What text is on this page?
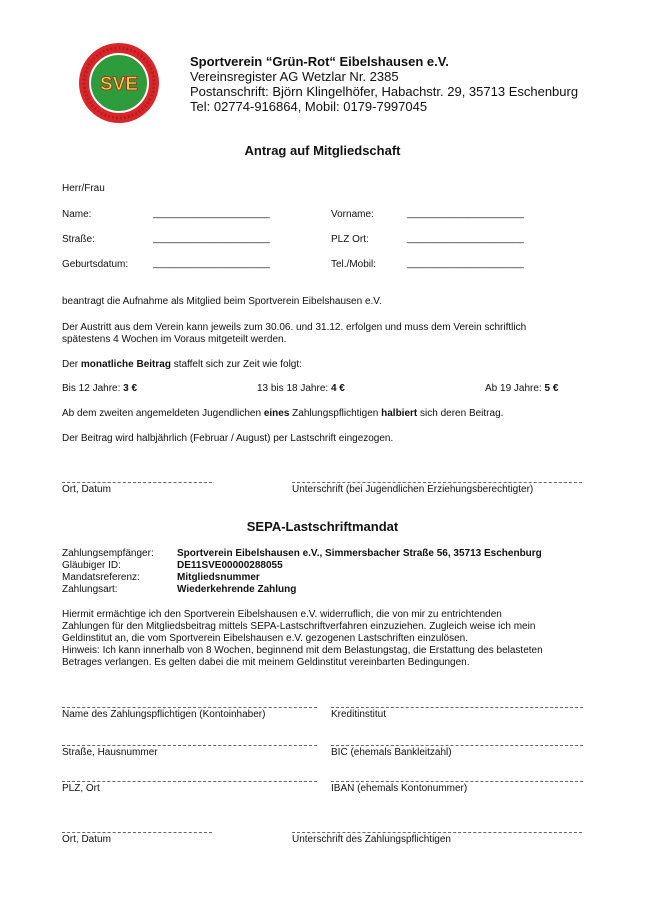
SVE
Sportverein “Grün-Rot“ Eibelshausen e.V.
Vereinsregister AG Wetzlar Nr. 2385
Postanschrift: Björn Klingelhöfer, Habachstr. 29, 35713 Eschenburg
Tel: 02774-916864, Mobil: 0179-7997045
Antrag auf Mitgliedschaft
Herr/Frau
Name:	_____________________	Vorname:	_____________________
Straße:	_____________________	PLZ Ort:	_____________________
Geburtsdatum: _____________________	Tel./Mobil:	_____________________
beantragt die Aufnahme als Mitglied beim Sportverein Eibelshausen e.V.
Der Austritt aus dem Verein kann jeweils zum 30.06. und 31.12. erfolgen und muss dem Verein schriftlich
spätestens 4 Wochen im Voraus mitgeteilt werden.
Der monatliche Beitrag staffelt sich zur Zeit wie folgt:
Bis 12 Jahre: 3 €	13 bis 18 Jahre: 4 €	Ab 19 Jahre: 5 €
Ab dem zweiten angemeldeten Jugendlichen eines Zahlungspflichtigen halbiert sich deren Beitrag.
Der Beitrag wird halbjährlich (Februar / August) per Lastschrift eingezogen.
Ort, Datum	Unterschrift (bei Jugendlichen Erziehungsberechtigter)
SEPA-Lastschriftmandat
Zahlungsempfänger: Sportverein Eibelshausen e.V., Simmersbacher Straße 56, 35713 Eschenburg
Gläubiger ID:	DE11SVE00000288055
Mandatsreferenz:	Mitgliedsnummer
Zahlungsart:	Wiederkehrende Zahlung
Hiermit ermächtige ich den Sportverein Eibelshausen e.V. widerruflich, die von mir zu entrichtenden
Zahlungen für den Mitgliedsbeitrag mittels SEPA-Lastschriftverfahren einzuziehen. Zugleich weise ich mein
Geldinstitut an, die vom Sportverein Eibelshausen e.V. gezogenen Lastschriften einzulösen.
Hinweis: Ich kann innerhalb von 8 Wochen, beginnend mit dem Belastungstag, die Erstattung des belasteten
Betrages verlangen. Es gelten dabei die mit meinem Geldinstitut vereinbarten Bedingungen.
Name des Zahlungspflichtigen (Kontoinhaber)	Kreditinstitut
Straße, Hausnummer	BIC (ehemals Bankleitzahl)
PLZ, Ort	IBAN (ehemals Kontonummer)
Ort, Datum	Unterschrift des Zahlungspflichtigen
